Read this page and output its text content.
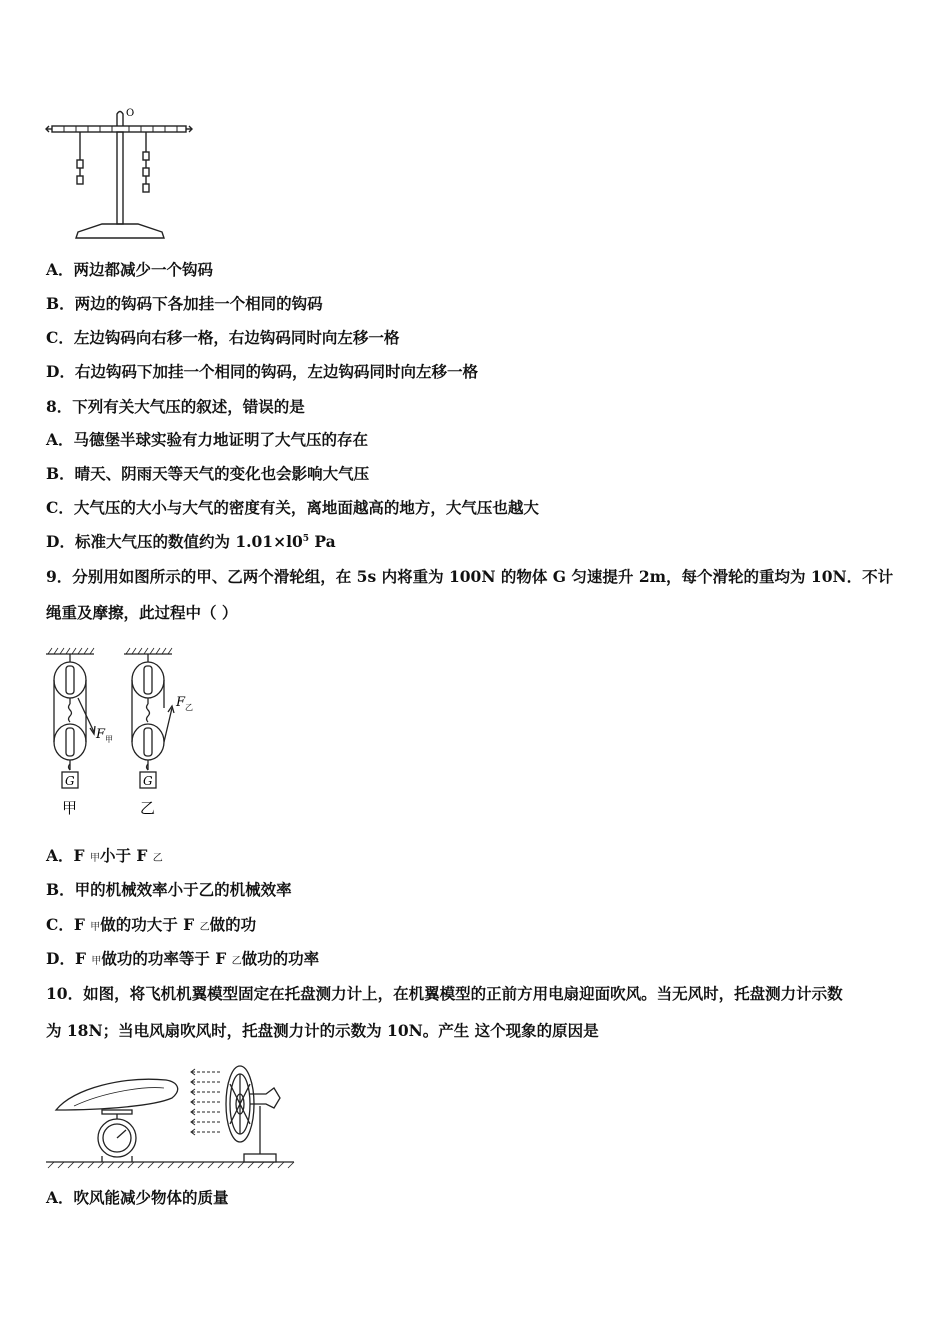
O
A．两边都减少一个钩码
B．两边的钩码下各加挂一个相同的钩码
C．左边钩码向右移一格，右边钩码同时向左移一格
D．右边钩码下加挂一个相同的钩码，左边钩码同时向左移一格
8．下列有关大气压的叙述，错误的是
A．马德堡半球实验有力地证明了大气压的存在
B．晴天、阴雨天等天气的变化也会影响大气压
C．大气压的大小与大气的密度有关，离地面越高的地方，大气压也越大
D．标准大气压的数值约为 $1.01\times l0^5$ Pa
9．分别用如图所示的甲、乙两个滑轮组，在 5s 内将重为 100N 的物体 G 匀速提升 2m，每个滑轮的重均为 10N．不计
绳重及摩擦，此过程中（ ）
G	G
甲	乙
F 甲
F 乙
A．F 甲小于 F 乙
B．甲的机械效率小于乙的机械效率
C．F 甲做的功大于 F 乙做的功
D．F 甲做功的功率等于 F 乙做功的功率
10．如图，将飞机机翼模型固定在托盘测力计上，在机翼模型的正前方用电扇迎面吹风。当无风时，托盘测力计示数
为 18N；当电风扇吹风时，托盘测力计的示数为 10N。产生 这个现象的原因是
A．吹风能减少物体的质量
